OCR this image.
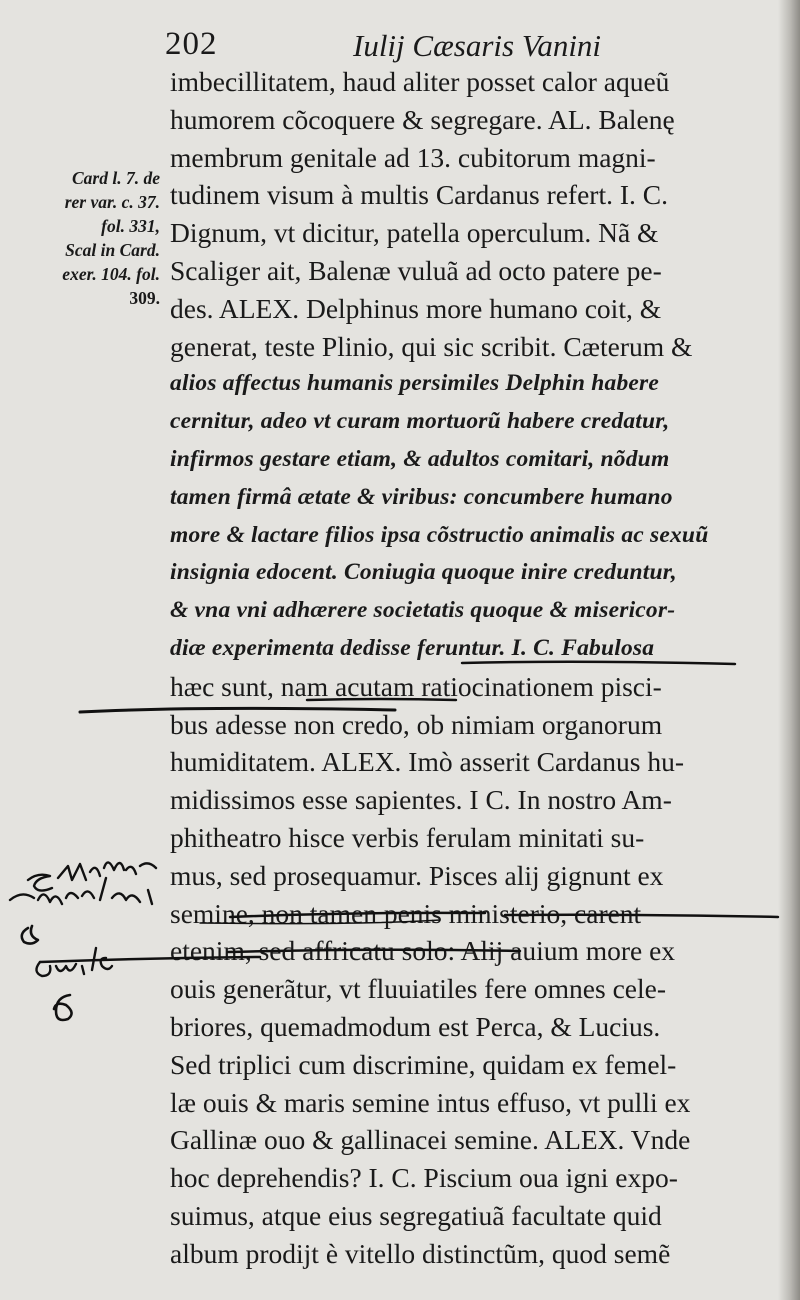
202	Iulij Cæsaris Vanini
Card l. 7. de
rer var. c. 37.
fol. 331,
Scal in Card.
exer. 104. fol.
309.
imbecillitatem, haud aliter posset calor aqueũ
humorem cõcoquere & segregare. AL. Balenę
membrum genitale ad 13. cubitorum magni-
tudinem visum à multis Cardanus refert. I. C.
Dignum, vt dicitur, patella operculum. Nã &
Scaliger ait, Balenæ vuluã ad octo patere pe-
des. ALEX. Delphinus more humano coit, &
generat, teste Plinio, qui sic scribit. Cæterum &
alios affectus humanis persimiles Delphin habere
cernitur, adeo vt curam mortuorũ habere credatur,
infirmos gestare etiam, & adultos comitari, nõdum
tamen firmâ ætate & viribus: concumbere humano
more & lactare filios ipsa cõstructio animalis ac sexuũ
insignia edocent. Coniugia quoque inire creduntur,
& vna vni adhærere societatis quoque & misericor-
diæ experimenta dedisse feruntur. I. C. Fabulosa
hæc sunt, nam acutam ratiocinationem pisci-
bus adesse non credo, ob nimiam organorum
humiditatem. ALEX. Imò asserit Cardanus hu-
midissimos esse sapientes. I C. In nostro Am-
phitheatro hisce verbis ferulam minitati su-
mus, sed prosequamur. Pisces alij gignunt ex
semine, non tamen penis ministerio, carent
etenim, sed affricatu solo: Alij auium more ex
ouis generãtur, vt fluuiatiles fere omnes cele-
briores, quemadmodum est Perca, & Lucius.
Sed triplici cum discrimine, quidam ex femel-
læ ouis & maris semine intus effuso, vt pulli ex
Gallinæ ouo & gallinacei semine. ALEX. Vnde
hoc deprehendis? I. C. Piscium oua igni expo-
suimus, atque eius segregatiuã facultate quid
album prodijt è vitello distinctũm, quod semẽ
